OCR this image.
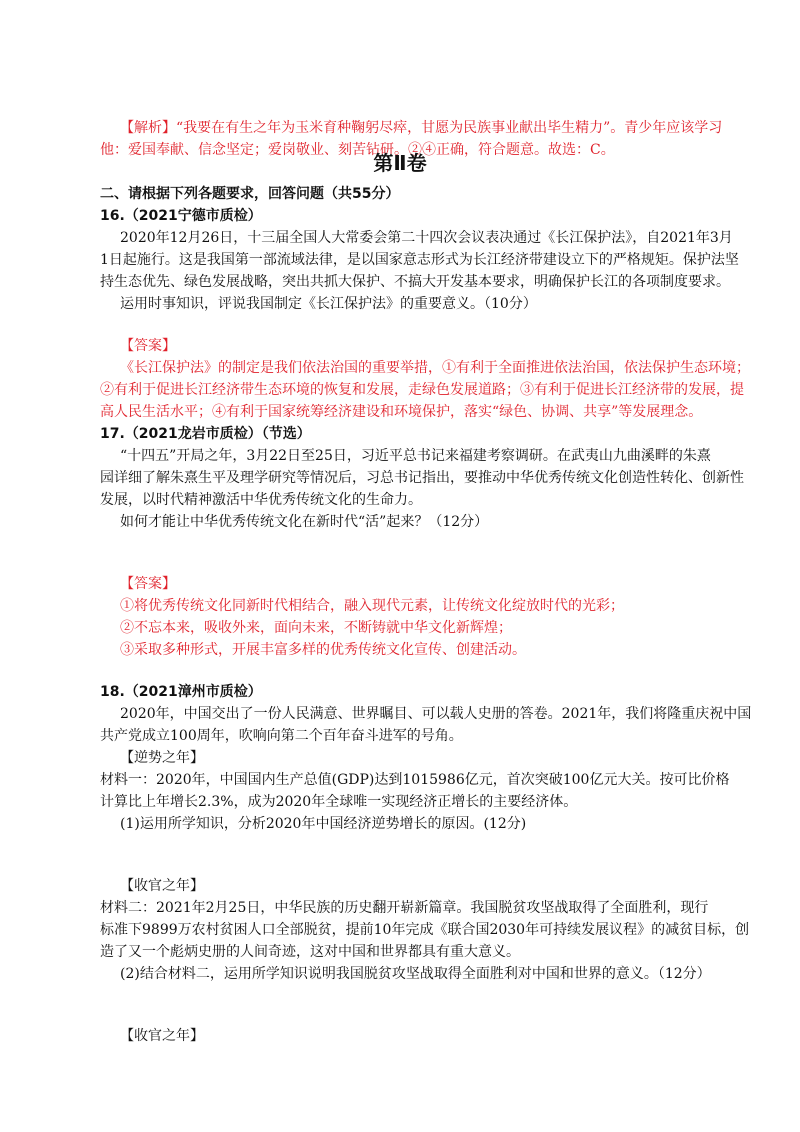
【解析】“我要在有生之年为玉米育种鞠躬尽瘁，甘愿为民族事业献出毕生精力”。青少年应该学习
他：爱国奉献、信念坚定；爱岗敬业、刻苦钻研。②④正确，符合题意。故选：C。
第Ⅱ卷
二、请根据下列各题要求，回答问题（共55分）
16.（2021宁德市质检）
2020年12月26日，十三届全国人大常委会第二十四次会议表决通过《长江保护法》，自2021年3月
1日起施行。这是我国第一部流域法律，是以国家意志形式为长江经济带建设立下的严格规矩。保护法坚
持生态优先、绿色发展战略，突出共抓大保护、不搞大开发基本要求，明确保护长江的各项制度要求。
运用时事知识，评说我国制定《长江保护法》的重要意义。（10分）
【答案】
《长江保护法》的制定是我们依法治国的重要举措，①有利于全面推进依法治国，依法保护生态环境；
②有利于促进长江经济带生态环境的恢复和发展，走绿色发展道路；③有利于促进长江经济带的发展，提
高人民生活水平；④有利于国家统筹经济建设和环境保护，落实“绿色、协调、共享”等发展理念。
17.（2021龙岩市质检）（节选）
“十四五”开局之年，3月22日至25日，习近平总书记来福建考察调研。在武夷山九曲溪畔的朱熹
园详细了解朱熹生平及理学研究等情况后，习总书记指出，要推动中华优秀传统文化创造性转化、创新性
发展，以时代精神激活中华优秀传统文化的生命力。
如何才能让中华优秀传统文化在新时代“活”起来？（12分）
【答案】
①将优秀传统文化同新时代相结合，融入现代元素，让传统文化绽放时代的光彩；
②不忘本来，吸收外来，面向未来，不断铸就中华文化新辉煌；
③采取多种形式，开展丰富多样的优秀传统文化宣传、创建活动。
18.（2021漳州市质检）
2020年，中国交出了一份人民满意、世界瞩目、可以载人史册的答卷。2021年，我们将隆重庆祝中国
共产党成立100周年，吹响向第二个百年奋斗进军的号角。
【逆势之年】
材料一：2020年，中国国内生产总值(GDP)达到1015986亿元，首次突破100亿元大关。按可比价格
计算比上年增长2.3%，成为2020年全球唯一实现经济正增长的主要经济体。
(1)运用所学知识，分析2020年中国经济逆势增长的原因。(12分)
【收官之年】
材料二：2021年2月25日，中华民族的历史翻开崭新篇章。我国脱贫攻坚战取得了全面胜利，现行
标准下9899万农村贫困人口全部脱贫，提前10年完成《联合国2030年可持续发展议程》的减贫目标，创
造了又一个彪炳史册的人间奇迹，这对中国和世界都具有重大意义。
(2)结合材料二，运用所学知识说明我国脱贫攻坚战取得全面胜利对中国和世界的意义。（12分）
【收官之年】
